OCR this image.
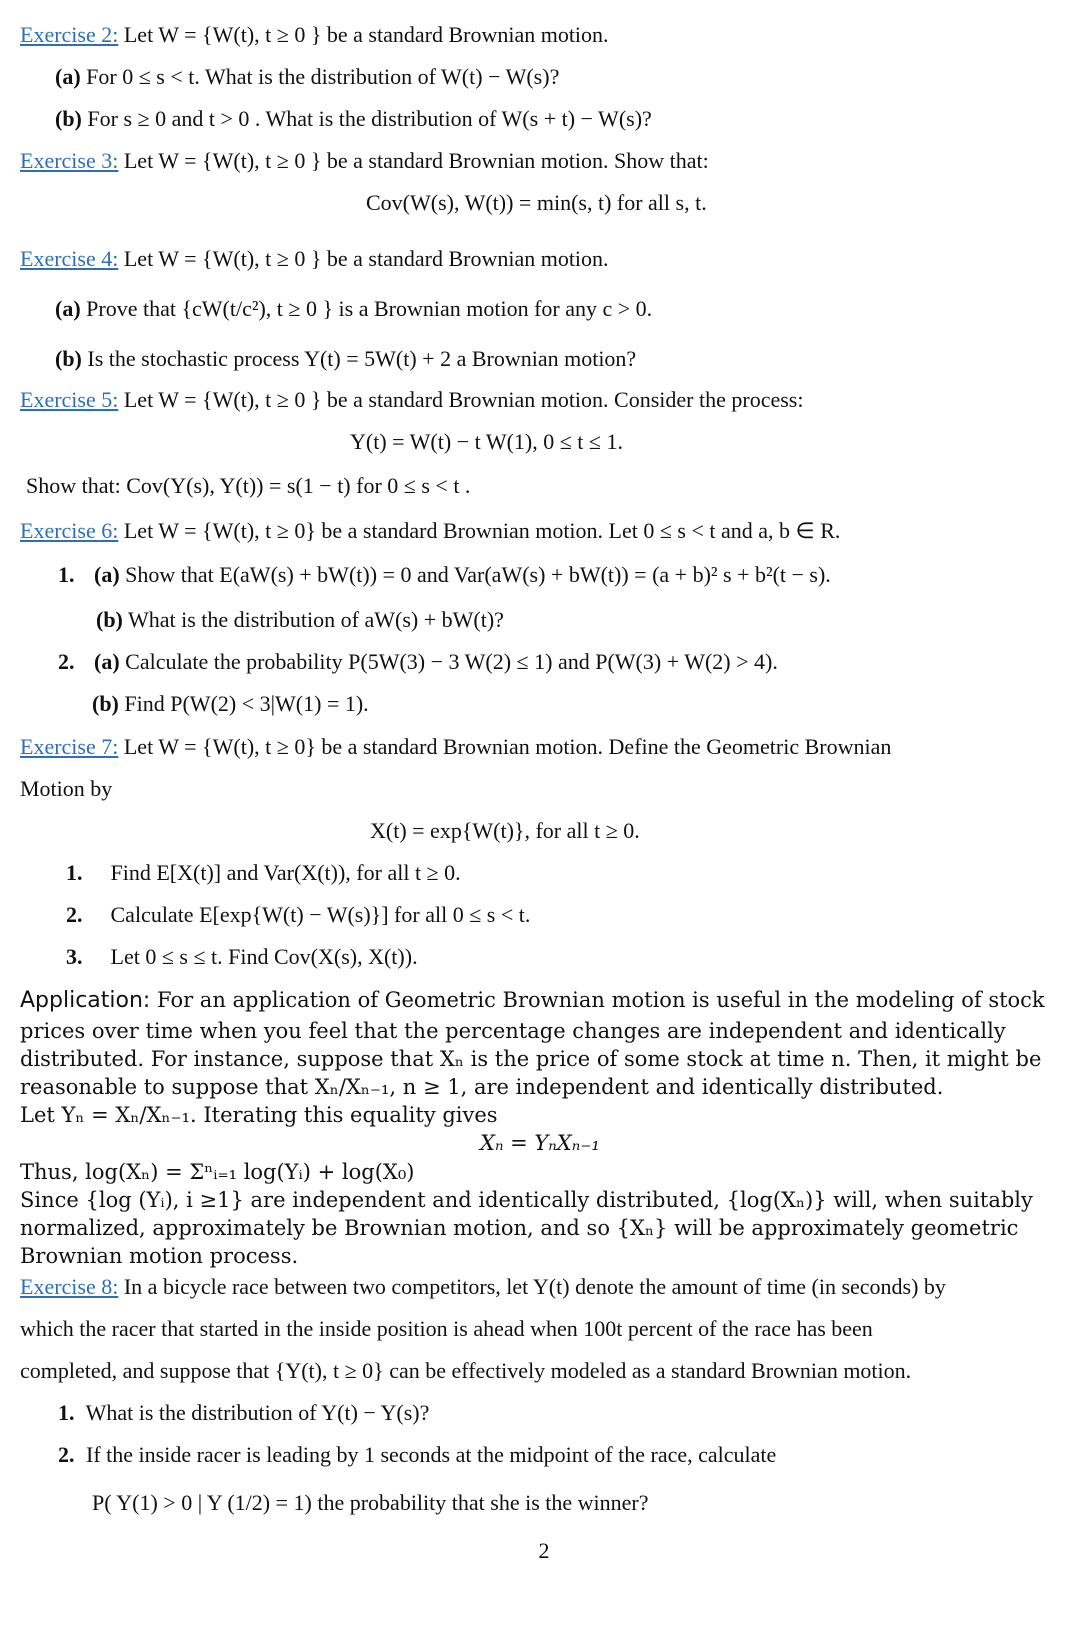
Exercise 2: Let W = {W(t), t ≥ 0 } be a standard Brownian motion.
(a) For 0 ≤ s < t. What is the distribution of W(t) − W(s)?
(b) For s ≥ 0 and t > 0 . What is the distribution of W(s + t) − W(s)?
Exercise 3: Let W = {W(t), t ≥ 0 } be a standard Brownian motion. Show that:
Cov(W(s), W(t)) = min(s, t) for all s, t.
Exercise 4: Let W = {W(t), t ≥ 0 } be a standard Brownian motion.
(a) Prove that {cW(t/c²), t ≥ 0 } is a Brownian motion for any c > 0.
(b) Is the stochastic process Y(t) = 5W(t) + 2 a Brownian motion?
Exercise 5: Let W = {W(t), t ≥ 0 } be a standard Brownian motion. Consider the process:
Y(t) = W(t) − t W(1), 0 ≤ t ≤ 1.
Show that: Cov(Y(s), Y(t)) = s(1 − t) for 0 ≤ s < t .
Exercise 6: Let W = {W(t), t ≥ 0} be a standard Brownian motion. Let 0 ≤ s < t and a, b ∈ R.
1. (a) Show that E(aW(s) + bW(t)) = 0 and Var(aW(s) + bW(t)) = (a + b)² s + b²(t − s).
(b) What is the distribution of aW(s) + bW(t)?
2. (a) Calculate the probability P(5W(3) − 3 W(2) ≤ 1) and P(W(3) + W(2) > 4).
(b) Find P(W(2) < 3|W(1) = 1).
Exercise 7: Let W = {W(t), t ≥ 0} be a standard Brownian motion. Define the Geometric Brownian
Motion by
X(t) = exp{W(t)}, for all t ≥ 0.
1. Find E[X(t)] and Var(X(t)), for all t ≥ 0.
2. Calculate E[exp{W(t) − W(s)}] for all 0 ≤ s < t.
3. Let 0 ≤ s ≤ t. Find Cov(X(s), X(t)).
Application: For an application of Geometric Brownian motion is useful in the modeling of stock
prices over time when you feel that the percentage changes are independent and identically
distributed. For instance, suppose that Xₙ is the price of some stock at time n. Then, it might be
reasonable to suppose that Xₙ/Xₙ₋₁, n ≥ 1, are independent and identically distributed.
Let Yₙ = Xₙ/Xₙ₋₁. Iterating this equality gives
Xₙ = YₙXₙ₋₁
Thus, log(Xₙ) = Σⁿᵢ₌₁ log(Yᵢ) + log(X₀)
Since {log (Yᵢ), i ≥1} are independent and identically distributed, {log(Xₙ)} will, when suitably
normalized, approximately be Brownian motion, and so {Xₙ} will be approximately geometric
Brownian motion process.
Exercise 8: In a bicycle race between two competitors, let Y(t) denote the amount of time (in seconds) by
which the racer that started in the inside position is ahead when 100t percent of the race has been
completed, and suppose that {Y(t), t ≥ 0} can be effectively modeled as a standard Brownian motion.
1. What is the distribution of Y(t) − Y(s)?
2. If the inside racer is leading by 1 seconds at the midpoint of the race, calculate
P( Y(1) > 0 | Y (1/2) = 1) the probability that she is the winner?
2
